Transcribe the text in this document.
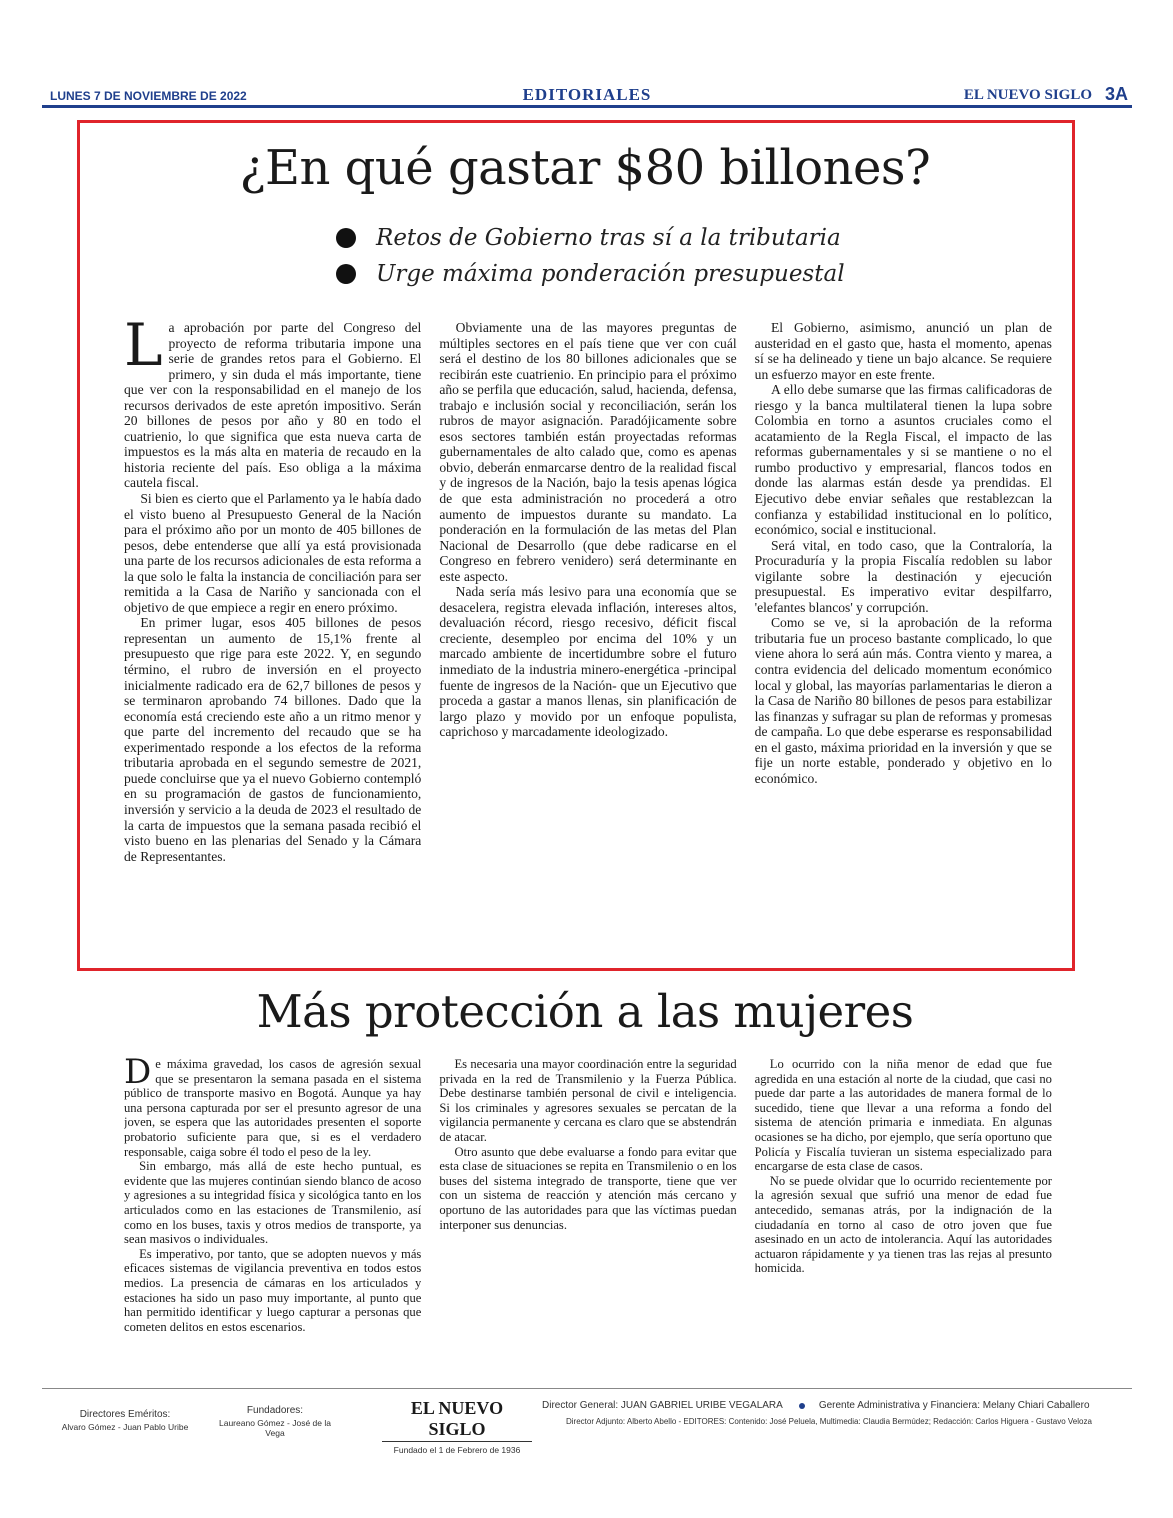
LUNES 7 DE NOVIEMBRE DE 2022	EDITORIALES	EL NUEVO SIGLO 3A
¿En qué gastar $80 billones?
Retos de Gobierno tras sí a la tributaria
Urge máxima ponderación presupuestal

La aprobación por parte del Congreso del proyecto de reforma tributaria impone una serie de grandes retos para el Gobierno. El primero, y sin duda el más importante, tiene que ver con la responsabilidad en el manejo de los recursos derivados de este apretón impositivo. Serán 20 billones de pesos por año y 80 en todo el cuatrienio, lo que significa que esta nueva carta de impuestos es la más alta en materia de recaudo en la historia reciente del país. Eso obliga a la máxima cautela fiscal.

Si bien es cierto que el Parlamento ya le había dado el visto bueno al Presupuesto General de la Nación para el próximo año por un monto de 405 billones de pesos, debe entenderse que allí ya está provisionada una parte de los recursos adicionales de esta reforma a la que solo le falta la instancia de conciliación para ser remitida a la Casa de Nariño y sancionada con el objetivo de que empiece a regir en enero próximo.

En primer lugar, esos 405 billones de pesos representan un aumento de 15,1% frente al presupuesto que rige para este 2022. Y, en segundo término, el rubro de inversión en el proyecto inicialmente radicado era de 62,7 billones de pesos y se terminaron aprobando 74 billones. Dado que la economía está creciendo este año a un ritmo menor y que parte del incremento del recaudo que se ha experimentado responde a los efectos de la reforma tributaria aprobada en el segundo semestre de 2021, puede concluirse que ya el nuevo Gobierno contempló en su programación de gastos de funcionamiento, inversión y servicio a la deuda de 2023 el resultado de la carta de impuestos que la semana pasada recibió el visto bueno en las plenarias del Senado y la Cámara de Representantes.

Obviamente una de las mayores preguntas de múltiples sectores en el país tiene que ver con cuál será el destino de los 80 billones adicionales que se recibirán este cuatrienio. En principio para el próximo año se perfila que educación, salud, hacienda, defensa, trabajo e inclusión social y reconciliación, serán los rubros de mayor asignación. Paradójicamente sobre esos sectores también están proyectadas reformas gubernamentales de alto calado que, como es apenas obvio, deberán enmarcarse dentro de la realidad fiscal y de ingresos de la Nación, bajo la tesis apenas lógica de que esta administración no procederá a otro aumento de impuestos durante su mandato. La ponderación en la formulación de las metas del Plan Nacional de Desarrollo (que debe radicarse en el Congreso en febrero venidero) será determinante en este aspecto.

Nada sería más lesivo para una economía que se desacelera, registra elevada inflación, intereses altos, devaluación récord, riesgo recesivo, déficit fiscal creciente, desempleo por encima del 10% y un marcado ambiente de incertidumbre sobre el futuro inmediato de la industria minero-energética -principal fuente de ingresos de la Nación- que un Ejecutivo que proceda a gastar a manos llenas, sin planificación de largo plazo y movido por un enfoque populista, caprichoso y marcadamente ideologizado.

El Gobierno, asimismo, anunció un plan de austeridad en el gasto que, hasta el momento, apenas sí se ha delineado y tiene un bajo alcance. Se requiere un esfuerzo mayor en este frente.

A ello debe sumarse que las firmas calificadoras de riesgo y la banca multilateral tienen la lupa sobre Colombia en torno a asuntos cruciales como el acatamiento de la Regla Fiscal, el impacto de las reformas gubernamentales y si se mantiene o no el rumbo productivo y empresarial, flancos todos en donde las alarmas están desde ya prendidas. El Ejecutivo debe enviar señales que restablezcan la confianza y estabilidad institucional en lo político, económico, social e institucional.

Será vital, en todo caso, que la Contraloría, la Procuraduría y la propia Fiscalía redoblen su labor vigilante sobre la destinación y ejecución presupuestal. Es imperativo evitar despilfarro, 'elefantes blancos' y corrupción.

Como se ve, si la aprobación de la reforma tributaria fue un proceso bastante complicado, lo que viene ahora lo será aún más. Contra viento y marea, a contra evidencia del delicado momentum económico local y global, las mayorías parlamentarias le dieron a la Casa de Nariño 80 billones de pesos para estabilizar las finanzas y sufragar su plan de reformas y promesas de campaña. Lo que debe esperarse es responsabilidad en el gasto, máxima prioridad en la inversión y que se fije un norte estable, ponderado y objetivo en lo económico.

Más protección a las mujeres

De máxima gravedad, los casos de agresión sexual que se presentaron la semana pasada en el sistema público de transporte masivo en Bogotá. Aunque ya hay una persona capturada por ser el presunto agresor de una joven, se espera que las autoridades presenten el soporte probatorio suficiente para que, si es el verdadero responsable, caiga sobre él todo el peso de la ley.

Sin embargo, más allá de este hecho puntual, es evidente que las mujeres continúan siendo blanco de acoso y agresiones a su integridad física y sicológica tanto en los articulados como en las estaciones de Transmilenio, así como en los buses, taxis y otros medios de transporte, ya sean masivos o individuales.

Es imperativo, por tanto, que se adopten nuevos y más eficaces sistemas de vigilancia preventiva en todos estos medios. La presencia de cámaras en los articulados y estaciones ha sido un paso muy importante, al punto que han permitido identificar y luego capturar a personas que cometen delitos en estos escenarios.

Es necesaria una mayor coordinación entre la seguridad privada en la red de Transmilenio y la Fuerza Pública. Debe destinarse también personal de civil e inteligencia. Si los criminales y agresores sexuales se percatan de la vigilancia permanente y cercana es claro que se abstendrán de atacar.

Otro asunto que debe evaluarse a fondo para evitar que esta clase de situaciones se repita en Transmilenio o en los buses del sistema integrado de transporte, tiene que ver con un sistema de reacción y atención más cercano y oportuno de las autoridades para que las víctimas puedan interponer sus denuncias.

Lo ocurrido con la niña menor de edad que fue agredida en una estación al norte de la ciudad, que casi no puede dar parte a las autoridades de manera formal de lo sucedido, tiene que llevar a una reforma a fondo del sistema de atención primaria e inmediata. En algunas ocasiones se ha dicho, por ejemplo, que sería oportuno que Policía y Fiscalía tuvieran un sistema especializado para encargarse de esta clase de casos.

No se puede olvidar que lo ocurrido recientemente por la agresión sexual que sufrió una menor de edad fue antecedido, semanas atrás, por la indignación de la ciudadanía en torno al caso de otro joven que fue asesinado en un acto de intolerancia. Aquí las autoridades actuaron rápidamente y ya tienen tras las rejas al presunto homicida.

Directores Eméritos:
Alvaro Gómez - Juan Pablo Uribe
Fundadores:
Laureano Gómez - José de la Vega
EL NUEVO SIGLO
Fundado el 1 de Febrero de 1936
Director General: JUAN GABRIEL URIBE VEGALARA	Gerente Administrativa y Financiera: Melany Chiari Caballero
Director Adjunto: Alberto Abello - EDITORES: Contenido: José Peluela, Multimedia: Claudia Bermúdez; Redacción: Carlos Higuera - Gustavo Veloza
